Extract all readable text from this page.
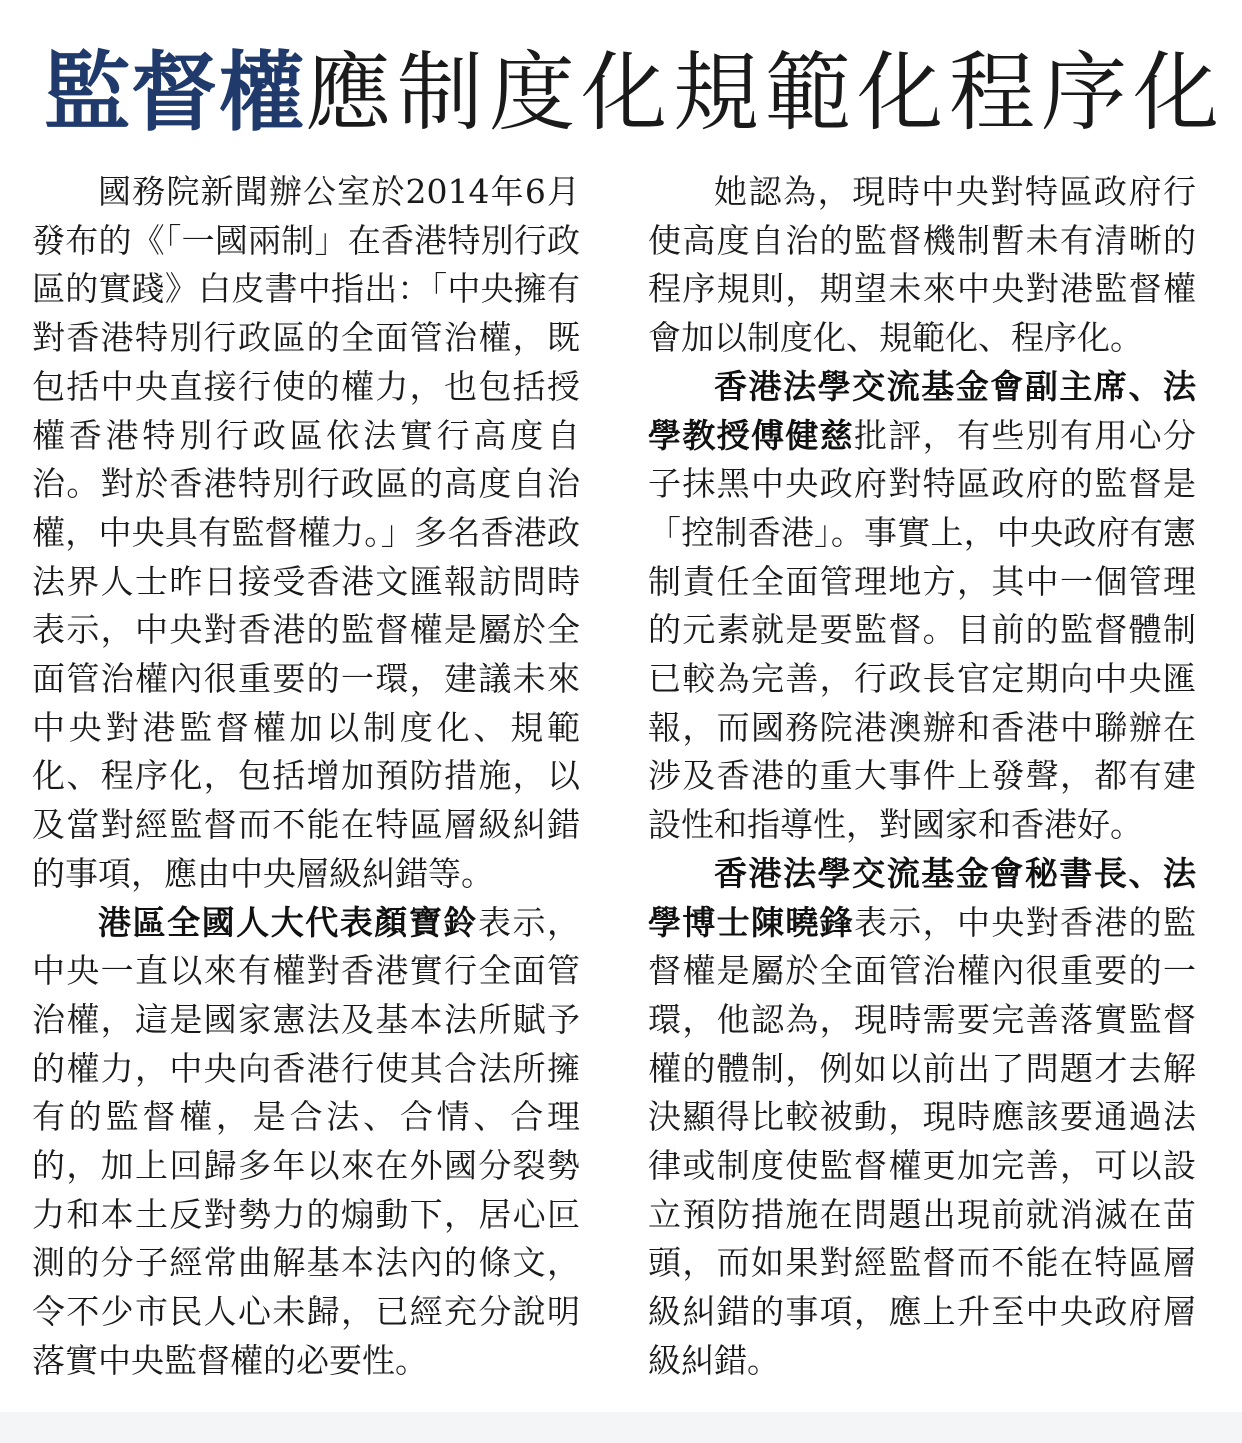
監督權應制度化規範化程序化

國務院新聞辦公室於2014年6月發布的《「一國兩制」在香港特別行政區的實踐》白皮書中指出：「中央擁有對香港特別行政區的全面管治權，既包括中央直接行使的權力，也包括授權香港特別行政區依法實行高度自治。對於香港特別行政區的高度自治權，中央具有監督權力。」多名香港政法界人士昨日接受香港文匯報訪問時表示，中央對香港的監督權是屬於全面管治權內很重要的一環，建議未來中央對港監督權加以制度化、規範化、程序化，包括增加預防措施，以及當對經監督而不能在特區層級糾錯的事項，應由中央層級糾錯等。

港區全國人大代表顏寶鈴表示，中央一直以來有權對香港實行全面管治權，這是國家憲法及基本法所賦予的權力，中央向香港行使其合法所擁有的監督權，是合法、合情、合理的，加上回歸多年以來在外國分裂勢力和本土反對勢力的煽動下，居心叵測的分子經常曲解基本法內的條文，令不少市民人心未歸，已經充分說明落實中央監督權的必要性。

她認為，現時中央對特區政府行使高度自治的監督機制暫未有清晰的程序規則，期望未來中央對港監督權會加以制度化、規範化、程序化。

香港法學交流基金會副主席、法學教授傅健慈批評，有些別有用心分子抹黑中央政府對特區政府的監督是「控制香港」。事實上，中央政府有憲制責任全面管理地方，其中一個管理的元素就是要監督。目前的監督體制已較為完善，行政長官定期向中央匯報，而國務院港澳辦和香港中聯辦在涉及香港的重大事件上發聲，都有建設性和指導性，對國家和香港好。

香港法學交流基金會秘書長、法學博士陳曉鋒表示，中央對香港的監督權是屬於全面管治權內很重要的一環，他認為，現時需要完善落實監督權的體制，例如以前出了問題才去解決顯得比較被動，現時應該要通過法律或制度使監督權更加完善，可以設立預防措施在問題出現前就消滅在苗頭，而如果對經監督而不能在特區層級糾錯的事項，應上升至中央政府層級糾錯。
